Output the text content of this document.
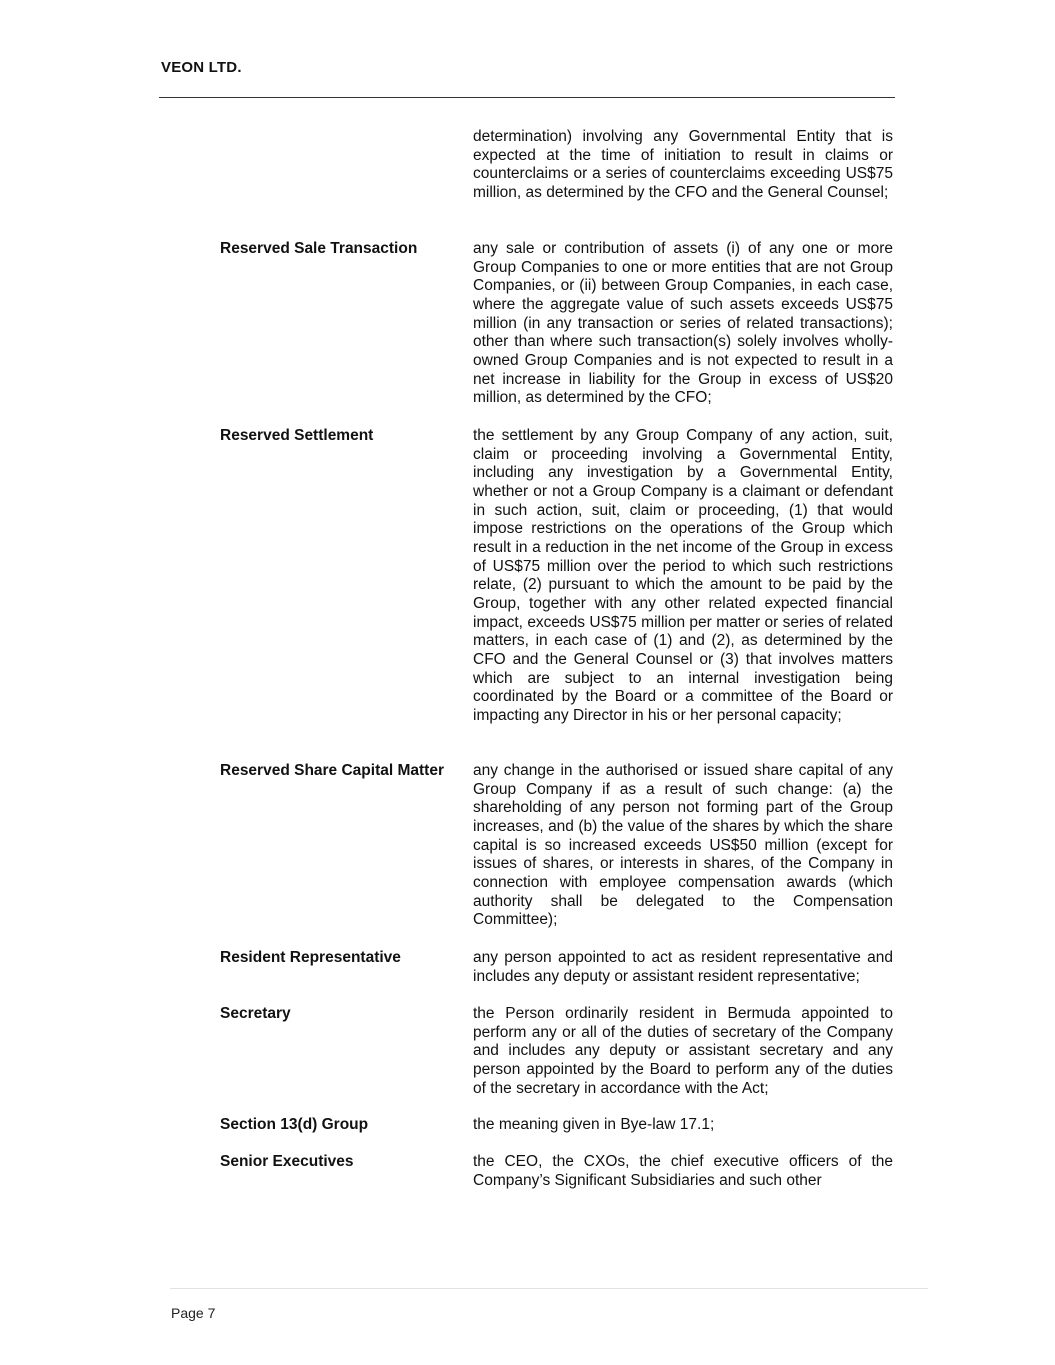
VEON LTD.
determination) involving any Governmental Entity that is expected at the time of initiation to result in claims or counterclaims or a series of counterclaims exceeding US$75 million, as determined by the CFO and the General Counsel;
Reserved Sale Transaction	any sale or contribution of assets (i) of any one or more Group Companies to one or more entities that are not Group Companies, or (ii) between Group Companies, in each case, where the aggregate value of such assets exceeds US$75 million (in any transaction or series of related transactions); other than where such transaction(s) solely involves wholly-owned Group Companies and is not expected to result in a net increase in liability for the Group in excess of US$20 million, as determined by the CFO;
Reserved Settlement	the settlement by any Group Company of any action, suit, claim or proceeding involving a Governmental Entity, including any investigation by a Governmental Entity, whether or not a Group Company is a claimant or defendant in such action, suit, claim or proceeding, (1) that would impose restrictions on the operations of the Group which result in a reduction in the net income of the Group in excess of US$75 million over the period to which such restrictions relate, (2) pursuant to which the amount to be paid by the Group, together with any other related expected financial impact, exceeds US$75 million per matter or series of related matters, in each case of (1) and (2), as determined by the CFO and the General Counsel or (3) that involves matters which are subject to an internal investigation being coordinated by the Board or a committee of the Board or impacting any Director in his or her personal capacity;
Reserved Share Capital Matter	any change in the authorised or issued share capital of any Group Company if as a result of such change: (a) the shareholding of any person not forming part of the Group increases, and (b) the value of the shares by which the share capital is so increased exceeds US$50 million (except for issues of shares, or interests in shares, of the Company in connection with employee compensation awards (which authority shall be delegated to the Compensation Committee);
Resident Representative	any person appointed to act as resident representative and includes any deputy or assistant resident representative;
Secretary	the Person ordinarily resident in Bermuda appointed to perform any or all of the duties of secretary of the Company and includes any deputy or assistant secretary and any person appointed by the Board to perform any of the duties of the secretary in accordance with the Act;
Section 13(d) Group	the meaning given in Bye-law 17.1;
Senior Executives	the CEO, the CXOs, the chief executive officers of the Company’s Significant Subsidiaries and such other
Page 7
